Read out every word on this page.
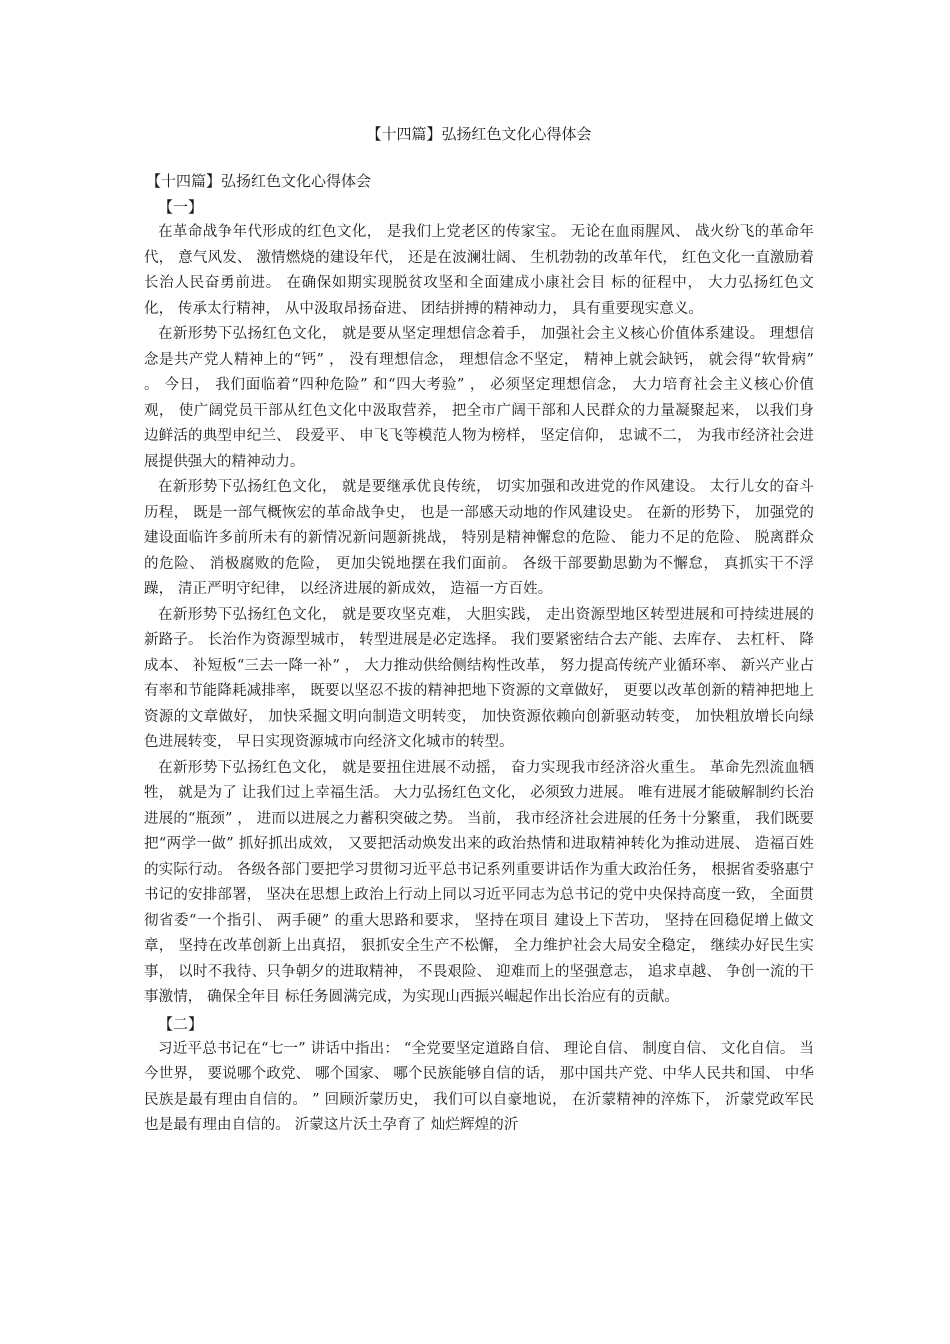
【十四篇】弘扬红色文化心得体会

【十四篇】弘扬红色文化心得体会

【一】

在革命战争年代形成的红色文化， 是我们上党老区的传家宝。 无论在血雨腥风、 战火纷飞的革命年代， 意气风发、 激情燃烧的建设年代， 还是在波澜壮阔、 生机勃勃的改革年代， 红色文化一直激励着长治人民奋勇前进。 在确保如期实现脱贫攻坚和全面建成小康社会目 标的征程中， 大力弘扬红色文化， 传承太行精神， 从中汲取昂扬奋进、 团结拼搏的精神动力， 具有重要现实意义。

在新形势下弘扬红色文化， 就是要从坚定理想信念着手， 加强社会主义核心价值体系建设。 理想信念是共产党人精神上的“钙” ， 没有理想信念， 理想信念不坚定， 精神上就会缺钙， 就会得“软骨病” 。 今日， 我们面临着“四种危险” 和“四大考验” ， 必须坚定理想信念， 大力培育社会主义核心价值观， 使广阔党员干部从红色文化中汲取营养， 把全市广阔干部和人民群众的力量凝聚起来， 以我们身边鲜活的典型申纪兰、 段爱平、 申飞飞等模范人物为榜样， 坚定信仰， 忠诚不二， 为我市经济社会进展提供强大的精神动力。

在新形势下弘扬红色文化， 就是要继承优良传统， 切实加强和改进党的作风建设。 太行儿女的奋斗历程， 既是一部气概恢宏的革命战争史， 也是一部感天动地的作风建设史。 在新的形势下， 加强党的建设面临许多前所未有的新情况新问题新挑战， 特别是精神懈怠的危险、 能力不足的危险、 脱离群众的危险、 消极腐败的危险， 更加尖锐地摆在我们面前。 各级干部要勤思勤为不懈怠， 真抓实干不浮躁， 清正严明守纪律， 以经济进展的新成效， 造福一方百姓。

在新形势下弘扬红色文化， 就是要攻坚克难， 大胆实践， 走出资源型地区转型进展和可持续进展的新路子。 长治作为资源型城市， 转型进展是必定选择。 我们要紧密结合去产能、去库存、 去杠杆、 降成本、 补短板“三去一降一补” ， 大力推动供给侧结构性改革， 努力提高传统产业循环率、 新兴产业占有率和节能降耗减排率， 既要以坚忍不拔的精神把地下资源的文章做好， 更要以改革创新的精神把地上资源的文章做好， 加快采掘文明向制造文明转变， 加快资源依赖向创新驱动转变， 加快粗放增长向绿色进展转变， 早日实现资源城市向经济文化城市的转型。

在新形势下弘扬红色文化， 就是要扭住进展不动摇， 奋力实现我市经济浴火重生。 革命先烈流血牺牲， 就是为了 让我们过上幸福生活。 大力弘扬红色文化， 必须致力进展。 唯有进展才能破解制约长治进展的“瓶颈” ， 进而以进展之力蓄积突破之势。 当前， 我市经济社会进展的任务十分繁重， 我们既要把“两学一做” 抓好抓出成效， 又要把活动焕发出来的政治热情和进取精神转化为推动进展、 造福百姓的实际行动。 各级各部门要把学习贯彻习近平总书记系列重要讲话作为重大政治任务， 根据省委骆惠宁书记的安排部署， 坚决在思想上政治上行动上同以习近平同志为总书记的党中央保持高度一致， 全面贯彻省委“一个指引、 两手硬” 的重大思路和要求， 坚持在项目 建设上下苦功， 坚持在回稳促增上做文章， 坚持在改革创新上出真招， 狠抓安全生产不松懈， 全力维护社会大局安全稳定， 继续办好民生实事， 以时不我待、只争朝夕的进取精神， 不畏艰险、 迎难而上的坚强意志， 追求卓越、 争创一流的干事激情， 确保全年目 标任务圆满完成，为实现山西振兴崛起作出长治应有的贡献。

【二】

习近平总书记在“七一” 讲话中指出： “全党要坚定道路自信、 理论自信、 制度自信、 文化自信。 当今世界， 要说哪个政党、 哪个国家、 哪个民族能够自信的话， 那中国共产党、中华人民共和国、 中华民族是最有理由自信的。 ” 回顾沂蒙历史， 我们可以自豪地说， 在沂蒙精神的淬炼下， 沂蒙党政军民也是最有理由自信的。 沂蒙这片沃土孕育了 灿烂辉煌的沂
